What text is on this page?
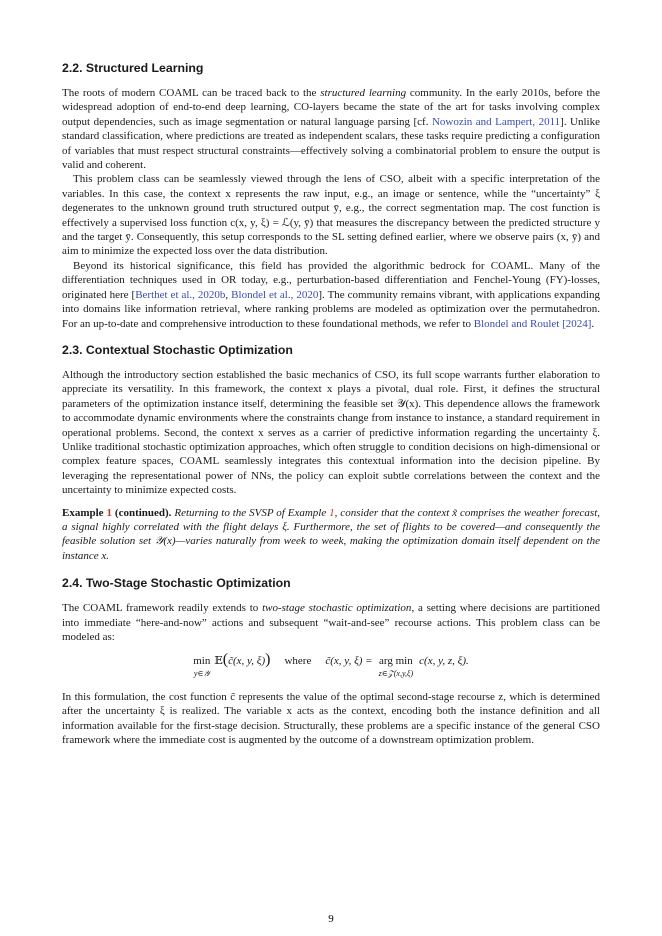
2.2. Structured Learning

The roots of modern COAML can be traced back to the structured learning community. In the early 2010s, before the widespread adoption of end-to-end deep learning, CO-layers became the state of the art for tasks involving complex output dependencies, such as image segmentation or natural language parsing [cf. Nowozin and Lampert, 2011]. Unlike standard classification, where predictions are treated as independent scalars, these tasks require predicting a configuration of variables that must respect structural constraints—effectively solving a combinatorial problem to ensure the output is valid and coherent.

This problem class can be seamlessly viewed through the lens of CSO, albeit with a specific interpretation of the variables. In this case, the context x represents the raw input, e.g., an image or sentence, while the “uncertainty” ξ degenerates to the unknown ground truth structured output ȳ, e.g., the correct segmentation map. The cost function is effectively a supervised loss function c(x, y, ξ) = ℒ(y, ȳ) that measures the discrepancy between the predicted structure y and the target ȳ. Consequently, this setup corresponds to the SL setting defined earlier, where we observe pairs (x, ȳ) and aim to minimize the expected loss over the data distribution.

Beyond its historical significance, this field has provided the algorithmic bedrock for COAML. Many of the differentiation techniques used in OR today, e.g., perturbation-based differentiation and Fenchel-Young (FY)-losses, originated here [Berthet et al., 2020b, Blondel et al., 2020]. The community remains vibrant, with applications expanding into domains like information retrieval, where ranking problems are modeled as optimization over the permutahedron. For an up-to-date and comprehensive introduction to these foundational methods, we refer to Blondel and Roulet [2024].

2.3. Contextual Stochastic Optimization

Although the introductory section established the basic mechanics of CSO, its full scope warrants further elaboration to appreciate its versatility. In this framework, the context x plays a pivotal, dual role. First, it defines the structural parameters of the optimization instance itself, determining the feasible set 𝒴(x). This dependence allows the framework to accommodate dynamic environments where the constraints change from instance to instance, a standard requirement in operational problems. Second, the context x serves as a carrier of predictive information regarding the uncertainty ξ. Unlike traditional stochastic optimization approaches, which often struggle to condition decisions on high-dimensional or complex feature spaces, COAML seamlessly integrates this contextual information into the decision pipeline. By leveraging the representational power of NNs, the policy can exploit subtle correlations between the context and the uncertainty to minimize expected costs.

Example 1 (continued). Returning to the SVSP of Example 1, consider that the context x̃ comprises the weather forecast, a signal highly correlated with the flight delays ξ. Furthermore, the set of flights to be covered—and consequently the feasible solution set 𝒴(x)—varies naturally from week to week, making the optimization domain itself dependent on the instance x.

2.4. Two-Stage Stochastic Optimization

The COAML framework readily extends to two-stage stochastic optimization, a setting where decisions are partitioned into immediate “here-and-now” actions and subsequent “wait-and-see” recourse actions. This problem class can be modeled as:

min
y∈𝒴
𝔼 ( c̃(x, y, ξ) ) where c̃(x, y, ξ) = arg min
z∈𝒵(x,y,ξ)
c(x, y, z, ξ).

In this formulation, the cost function c̃ represents the value of the optimal second-stage recourse z, which is determined after the uncertainty ξ is realized. The variable x acts as the context, encoding both the instance definition and all information available for the first-stage decision. Structurally, these problems are a specific instance of the general CSO framework where the immediate cost is augmented by the outcome of a downstream optimization problem.

9
